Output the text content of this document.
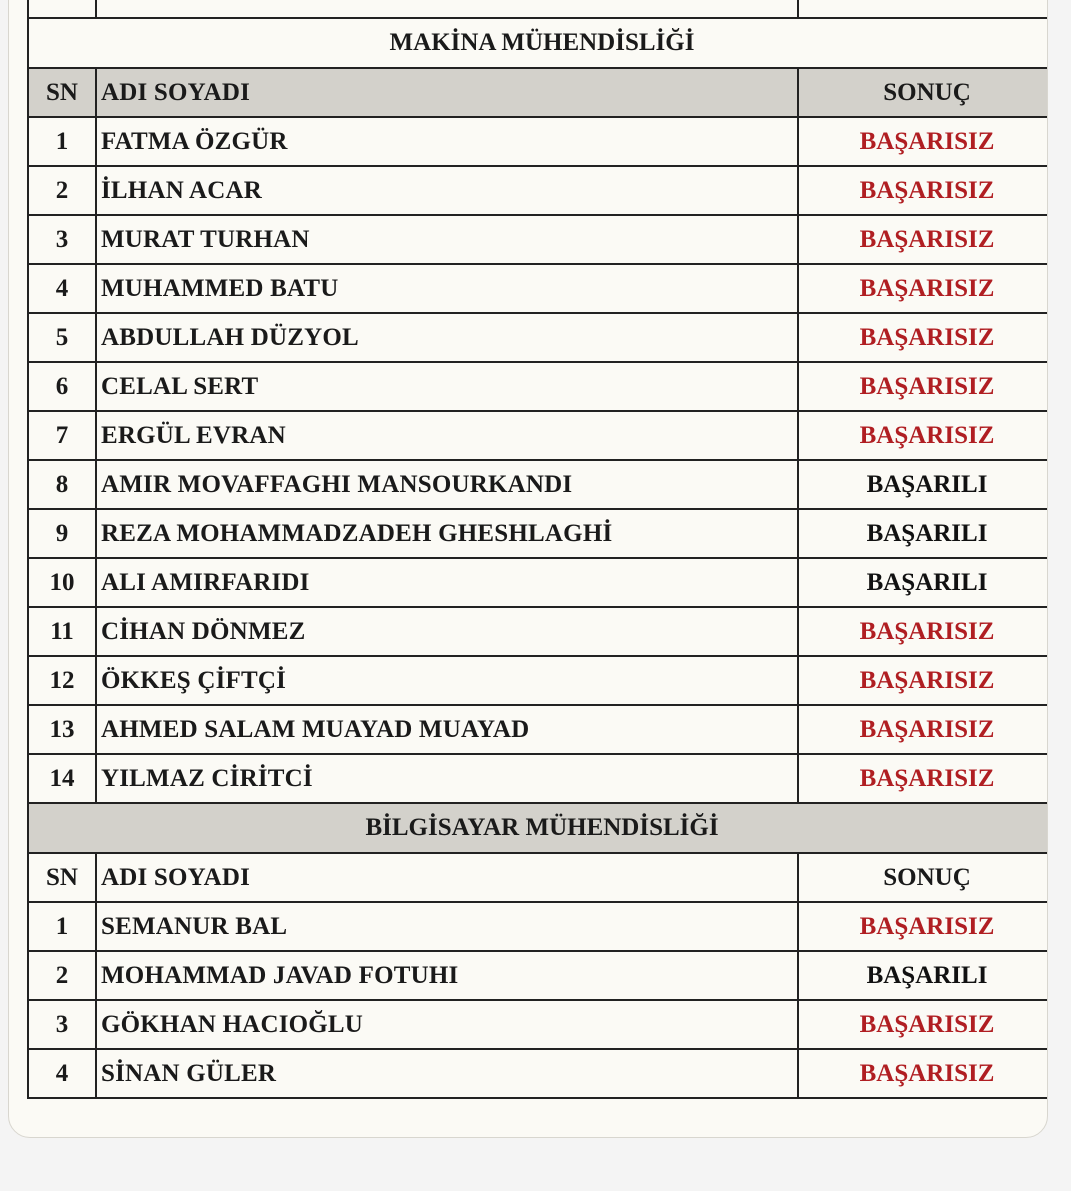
MAKİNA MÜHENDİSLİĞİ		
SN	ADI SOYADI	SONUÇ
1	FATMA ÖZGÜR	BAŞARISIZ
2	İLHAN ACAR	BAŞARISIZ
3	MURAT TURHAN	BAŞARISIZ
4	MUHAMMED BATU	BAŞARISIZ
5	ABDULLAH DÜZYOL	BAŞARISIZ
6	CELAL SERT	BAŞARISIZ
7	ERGÜL EVRAN	BAŞARISIZ
8	AMIR MOVAFFAGHI MANSOURKANDI	BAŞARILI
9	REZA MOHAMMADZADEH GHESHLAGHİ	BAŞARILI
10	ALI AMIRFARIDI	BAŞARILI
11	CİHAN DÖNMEZ	BAŞARISIZ
12	ÖKKEŞ ÇİFTÇİ	BAŞARISIZ
13	AHMED SALAM MUAYAD MUAYAD	BAŞARISIZ
14	YILMAZ CİRİTCİ	BAŞARISIZ
BİLGİSAYAR MÜHENDİSLİĞİ		
SN	ADI SOYADI	SONUÇ
1	SEMANUR BAL	BAŞARISIZ
2	MOHAMMAD JAVAD FOTUHI	BAŞARILI
3	GÖKHAN HACIOĞLU	BAŞARISIZ
4	SİNAN GÜLER	BAŞARISIZ
